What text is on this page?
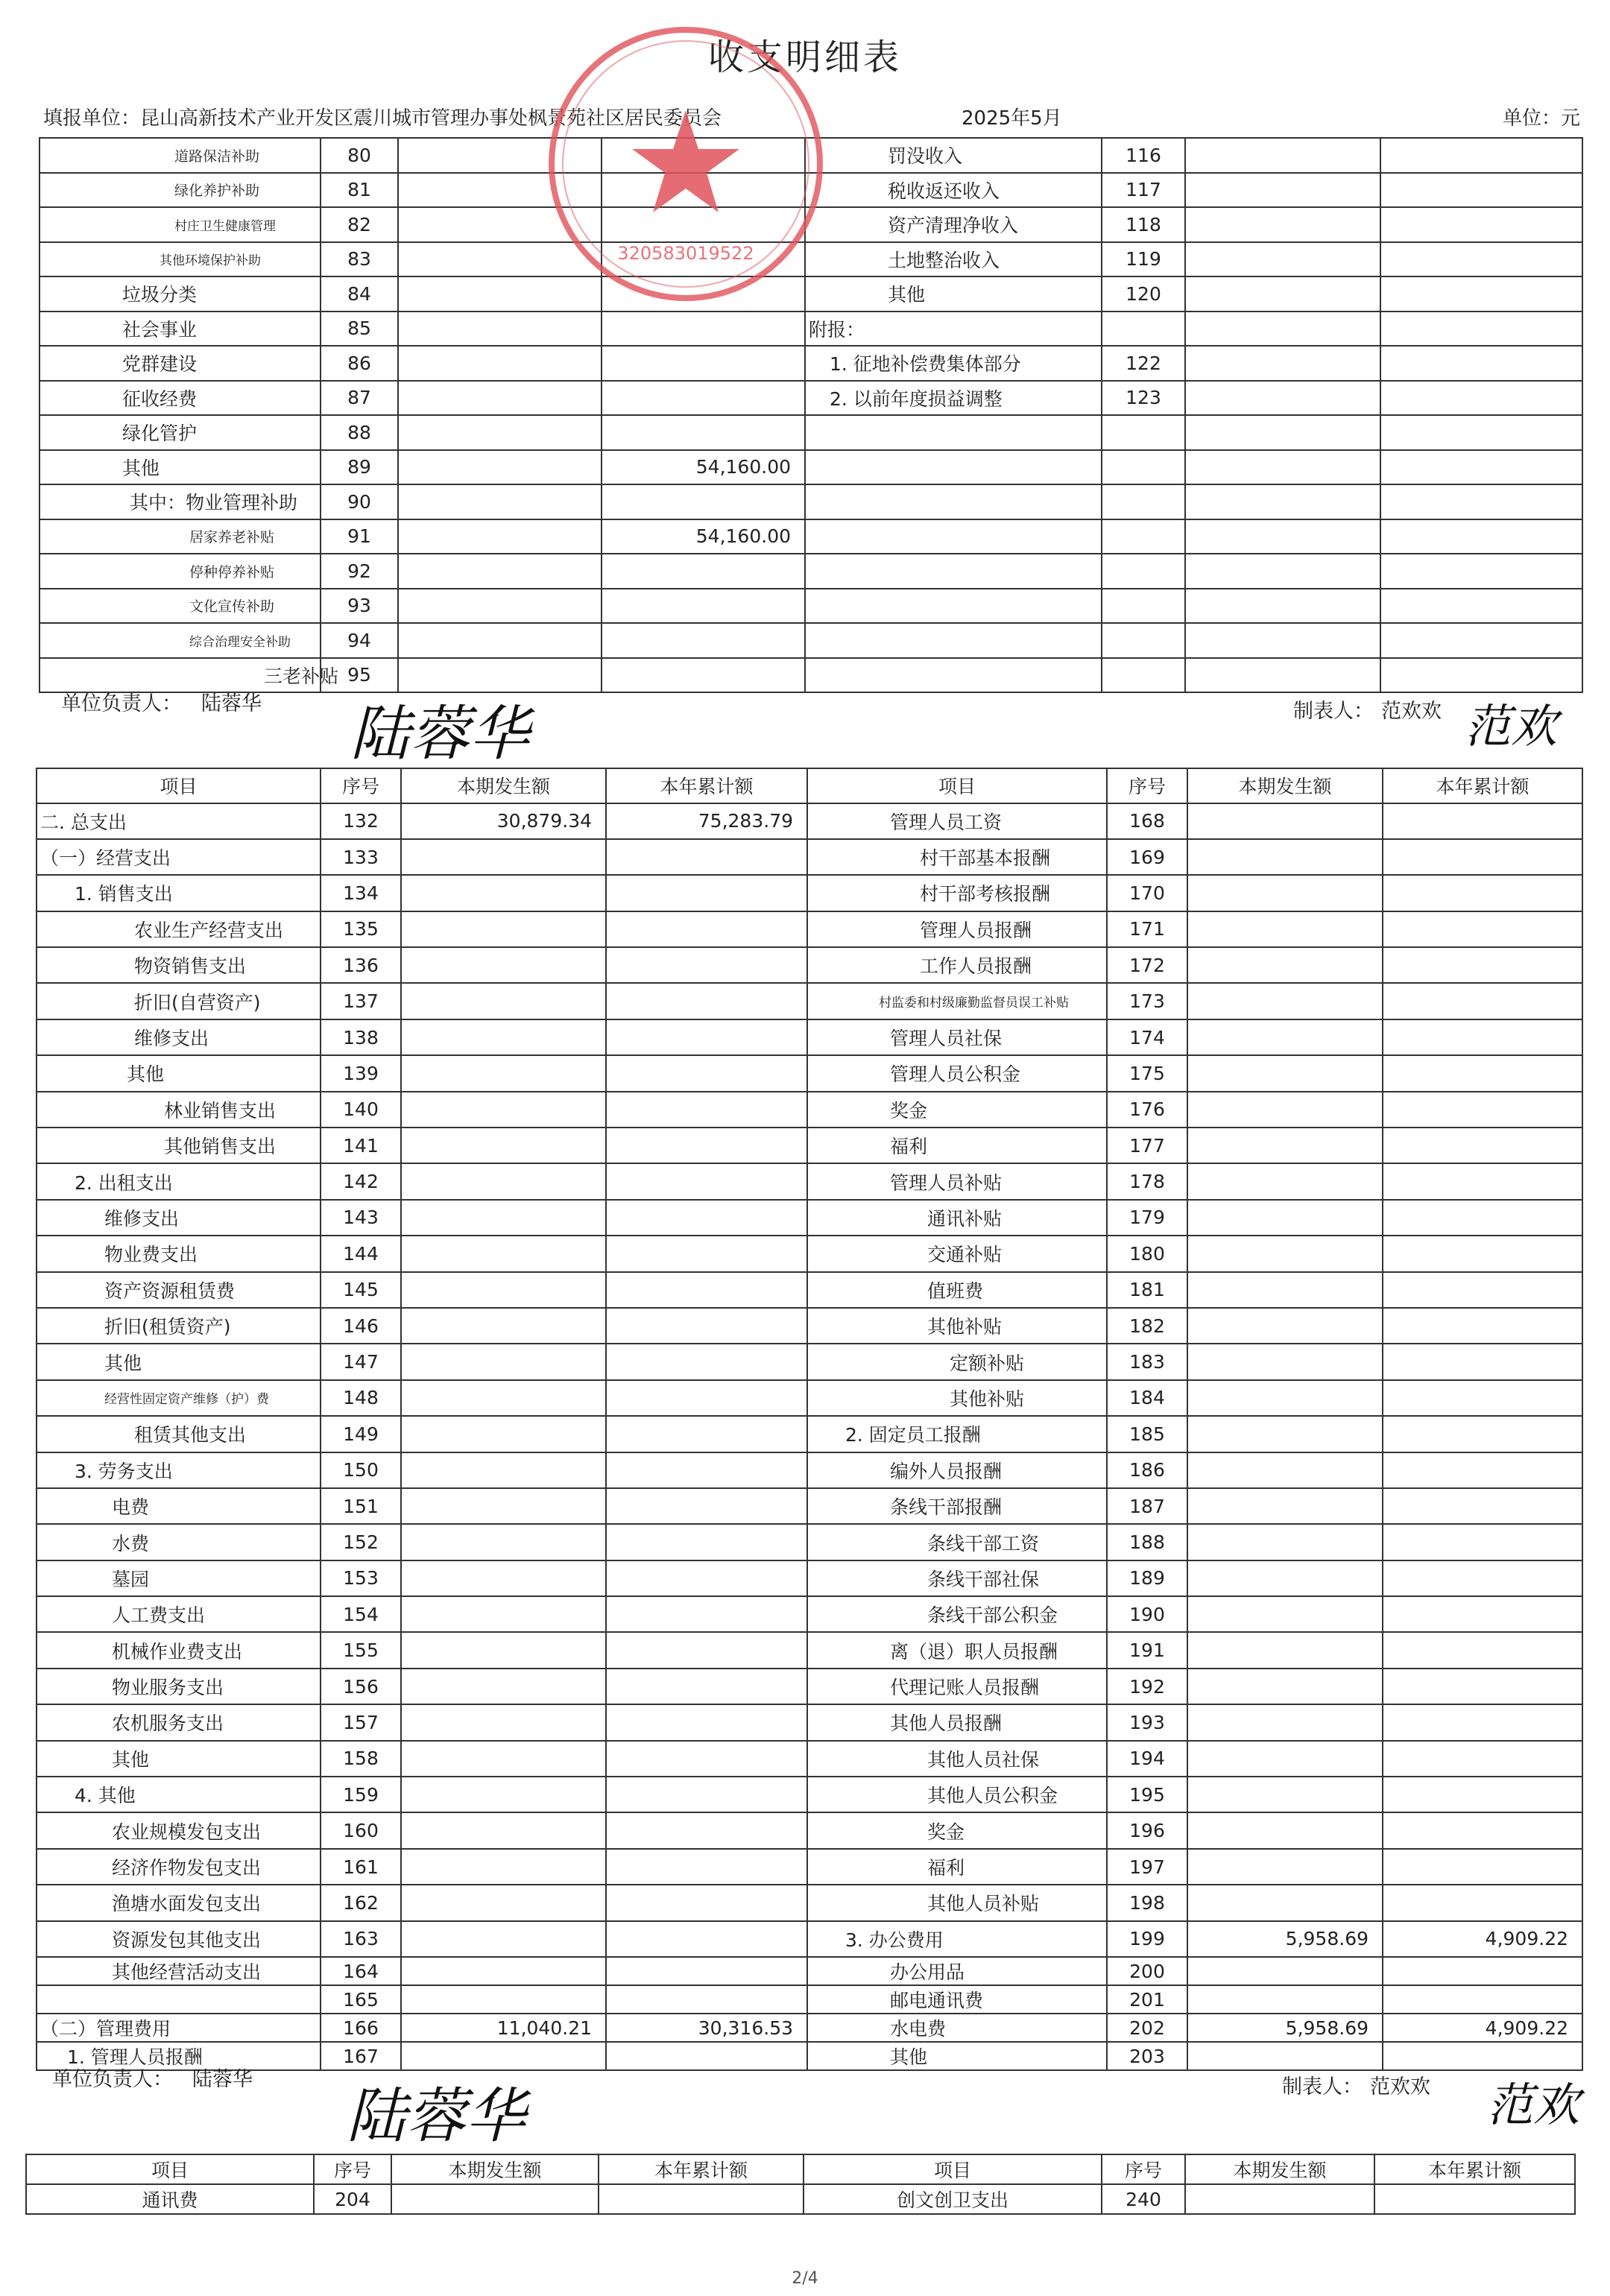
收支明细表
填报单位：昆山高新技术产业开发区震川城市管理办事处枫景苑社区居民委员会	2025年5月	单位：元
道路保洁补助	80			罚没收入	116		
绿化养护补助	81			税收返还收入	117		
村庄卫生健康管理	82			资产清理净收入	118		
其他环境保护补助	83			土地整治收入	119		
垃圾分类	84			其他	120		
社会事业	85			附报：			
党群建设	86			1. 征地补偿费集体部分	122		
征收经费	87			2. 以前年度损益调整	123		
绿化管护	88						
其他	89		54,160.00				
其中：物业管理补助	90						
居家养老补贴	91		54,160.00				
停种停养补贴	92						
文化宣传补助	93						
综合治理安全补助	94						
三老补贴	95						
单位负责人： 陆蓉华 陆蓉华	制表人： 范欢欢 范欢
项目	序号	本期发生额	本年累计额	项目	序号	本期发生额	本年累计额
二. 总支出	132	30,879.34	75,283.79	管理人员工资	168		
（一）经营支出	133			村干部基本报酬	169		
1. 销售支出	134			村干部考核报酬	170		
农业生产经营支出	135			管理人员报酬	171		
物资销售支出	136			工作人员报酬	172		
折旧(自营资产)	137			村监委和村级廉勤监督员误工补贴	173		
维修支出	138			管理人员社保	174		
其他	139			管理人员公积金	175		
林业销售支出	140			奖金	176		
其他销售支出	141			福利	177		
2. 出租支出	142			管理人员补贴	178		
维修支出	143			通讯补贴	179		
物业费支出	144			交通补贴	180		
资产资源租赁费	145			值班费	181		
折旧(租赁资产)	146			其他补贴	182		
其他	147			定额补贴	183		
经营性固定资产维修（护）费	148			其他补贴	184		
租赁其他支出	149			2. 固定员工报酬	185		
3. 劳务支出	150			编外人员报酬	186		
电费	151			条线干部报酬	187		
水费	152			条线干部工资	188		
墓园	153			条线干部社保	189		
人工费支出	154			条线干部公积金	190		
机械作业费支出	155			离（退）职人员报酬	191		
物业服务支出	156			代理记账人员报酬	192		
农机服务支出	157			其他人员报酬	193		
其他	158			其他人员社保	194		
4. 其他	159			其他人员公积金	195		
农业规模发包支出	160			奖金	196		
经济作物发包支出	161			福利	197		
渔塘水面发包支出	162			其他人员补贴	198		
资源发包其他支出	163			3. 办公费用	199	5,958.69	4,909.22
其他经营活动支出	164			办公用品	200		
	165			邮电通讯费	201		
（二）管理费用	166	11,040.21	30,316.53	水电费	202	5,958.69	4,909.22
1. 管理人员报酬	167			其他	203		
单位负责人： 陆蓉华
陆蓉华	制表人： 范欢欢 范欢
项目	序号	本期发生额	本年累计额	项目	序号	本期发生额	本年累计额
通讯费	204			创文创卫支出	240		
320583019522
2/4
